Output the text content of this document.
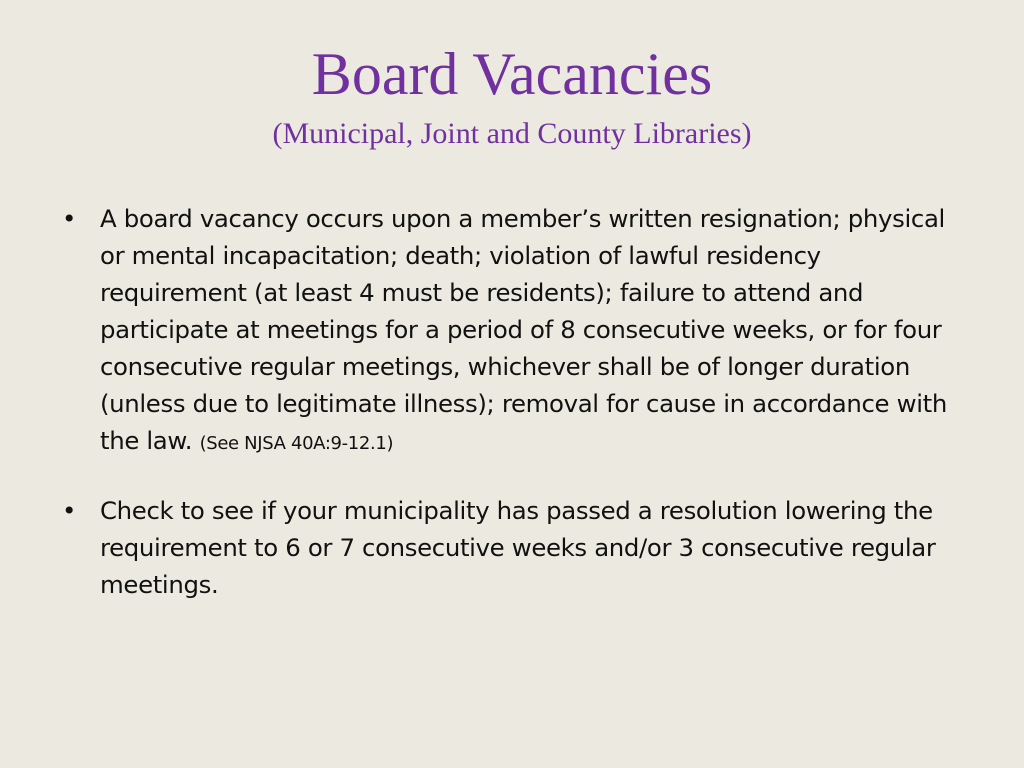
Board Vacancies
(Municipal, Joint and County Libraries)
• A board vacancy occurs upon a member’s written resignation; physical or mental incapacitation; death; violation of lawful residency requirement (at least 4 must be residents); failure to attend and participate at meetings for a period of 8 consecutive weeks, or for four consecutive regular meetings, whichever shall be of longer duration (unless due to legitimate illness); removal for cause in accordance with the law. (See NJSA 40A:9-12.1)
• Check to see if your municipality has passed a resolution lowering the requirement to 6 or 7 consecutive weeks and/or 3 consecutive regular meetings.
